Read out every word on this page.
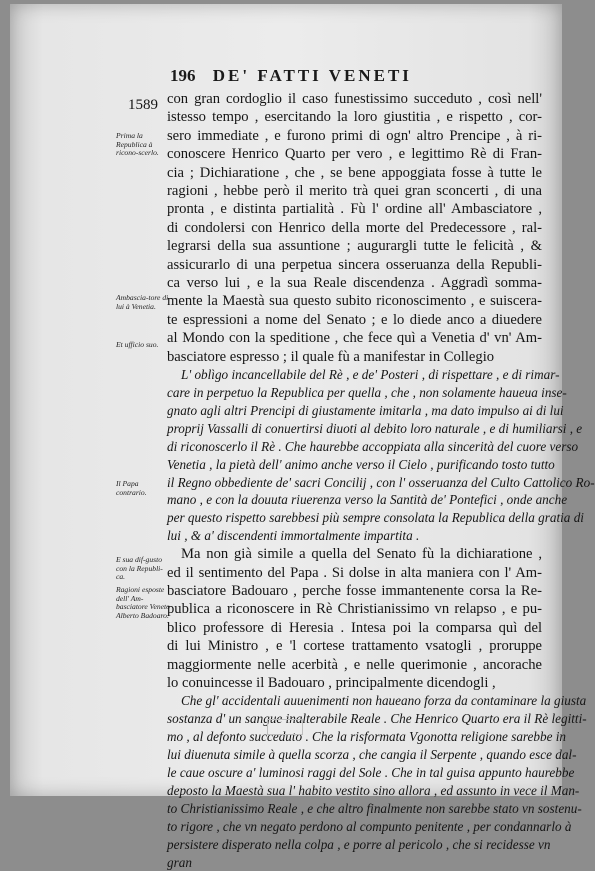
196 DE' FATTI VENETI
1589
Prima la Republica à ricono-scerlo.
Ambascia-tore di lui à Venetia.
Et ufficio suo.
Il Papa contrario.
E sua dif-gusto con la Republi-ca.
Ragioni esposte dell' Am-basciatore Veneto Alberto Badoaro.
con gran cordoglio il caso funestissimo succeduto , così nell'
istesso tempo , esercitando la loro giustitia , e rispetto , cor-
sero immediate , e furono primi di ogn' altro Prencipe , à ri-
conoscere Henrico Quarto per vero , e legittimo Rè di Fran-
cia ; Dichiaratione , che , se bene appoggiata fosse à tutte le
ragioni , hebbe però il merito trà quei gran sconcerti , di una
pronta , e distinta partialità . Fù l' ordine all' Ambasciatore ,
di condolersi con Henrico della morte del Predecessore , ral-
legrarsi della sua assuntione ; augurargli tutte le felicità , &
assicurarlo di una perpetua sincera osseruanza della Republi-
ca verso lui , e la sua Reale discendenza . Aggradì somma-
mente la Maestà sua questo subito riconoscimento , e suiscera-
te espressioni a nome del Senato ; e lo diede anco a diuedere
al Mondo con la speditione , che fece quì a Venetia d' vn' Am-
basciatore espresso ; il quale fù a manifestar in Collegio
L' oblìgo incancellabile del Rè , e de' Posteri , di rispettare , e di rimar-
care in perpetuo la Republica per quella , che , non solamente haueua inse-
gnato agli altri Prencipi di giustamente imitarla , ma dato impulso ai di lui
proprij Vassalli di conuertirsi diuoti al debito loro naturale , e di humiliarsi , e
di riconoscerlo il Rè . Che haurebbe accoppiata alla sincerità del cuore verso
Venetia , la pietà dell' animo anche verso il Cielo , purificando tosto tutto
il Regno obbediente de' sacri Concilij , con l' osseruanza del Culto Cattolico Ro-
mano , e con la douuta riuerenza verso la Santità de' Pontefici , onde anche
per questo rispetto sarebbesi più sempre consolata la Republica della gratia di
lui , & a' discendenti immortalmente impartita .
Ma non già simile a quella del Senato fù la dichiaratione ,
ed il sentimento del Papa . Si dolse in alta maniera con l' Am-
basciatore Badouaro , perche fosse immantenente corsa la Re-
publica a riconoscere in Rè Christianissimo vn relapso , e pu-
blico professore di Heresia . Intesa poi la comparsa quì del
di lui Ministro , e 'l cortese trattamento vsatogli , proruppe
maggiormente nelle acerbità , e nelle querimonie , ancorache
lo conuincesse il Badouaro , principalmente dicendogli ,
Che gl' accidentali auuenimenti non haueano forza da contaminare la giusta
sostanza d' un sangue inalterabile Reale . Che Henrico Quarto era il Rè legitti-
mo , al defonto succeduto . Che la risformata Vgonotta religione sarebbe in
lui diuenuta simile à quella scorza , che cangia il Serpente , quando esce dal-
le caue oscure a' luminosi raggi del Sole . Che in tal guisa appunto haurebbe
deposto la Maestà sua l' habito vestito sino allora , ed assunto in vece il Man-
to Christianissimo Reale , e che altro finalmente non sarebbe stato vn sostenu-
to rigore , che vn negato perdono al compunto penitente , per condannarlo à
persistere disperato nella colpa , e porre al pericolo , che si recidesse vn
gran
